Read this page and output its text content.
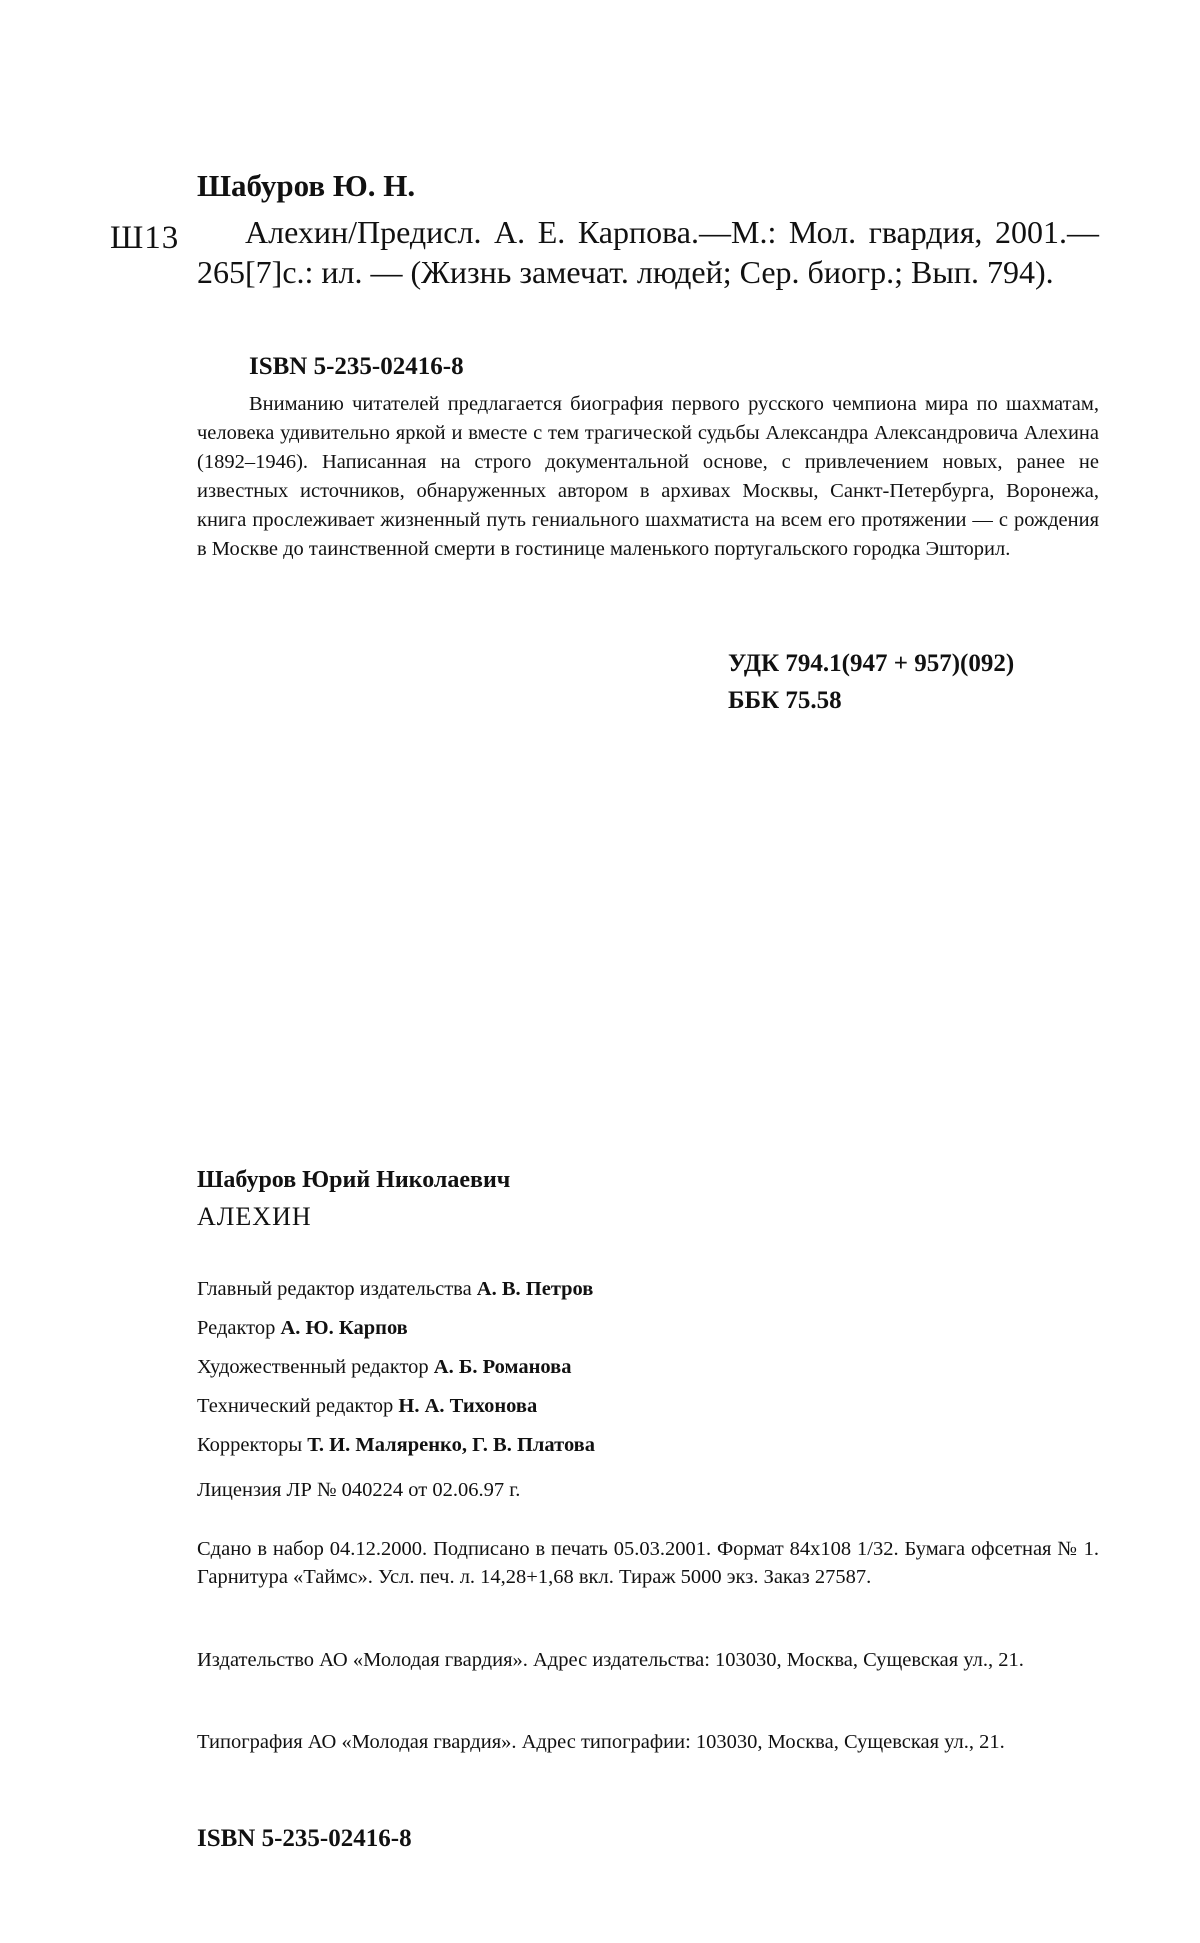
Шабуров Ю. Н.
Ш13	Алехин/Предисл. А. Е. Карпова.—М.: Мол. гвардия, 2001.—265[7]с.: ил. — (Жизнь замечат. людей; Сер. биогр.; Вып. 794).
ISBN 5-235-02416-8
Вниманию читателей предлагается биография первого русского чемпиона мира по шахматам, человека удивительно яркой и вместе с тем трагической судьбы Александра Александровича Алехина (1892–1946). Написанная на строго документальной основе, с привлечением новых, ранее не известных источников, обнаруженных автором в архивах Москвы, Санкт-Петербурга, Воронежа, книга прослеживает жизненный путь гениального шахматиста на всем его протяжении — с рождения в Москве до таинственной смерти в гостинице маленького португальского городка Эшторил.
УДК 794.1(947 + 957)(092)
ББК 75.58
Шабуров Юрий Николаевич
АЛЕХИН
Главный редактор издательства А. В. Петров
Редактор А. Ю. Карпов
Художественный редактор А. Б. Романова
Технический редактор Н. А. Тихонова
Корректоры Т. И. Маляренко, Г. В. Платова
Лицензия ЛР № 040224 от 02.06.97 г.
Сдано в набор 04.12.2000. Подписано в печать 05.03.2001. Формат 84х108 1/32. Бумага офсетная № 1. Гарнитура «Таймс». Усл. печ. л. 14,28+1,68 вкл. Тираж 5000 экз. Заказ 27587.
Издательство АО «Молодая гвардия». Адрес издательства: 103030, Москва, Сущевская ул., 21.
Типография АО «Молодая гвардия». Адрес типографии: 103030, Москва, Сущевская ул., 21.
ISBN 5-235-02416-8
